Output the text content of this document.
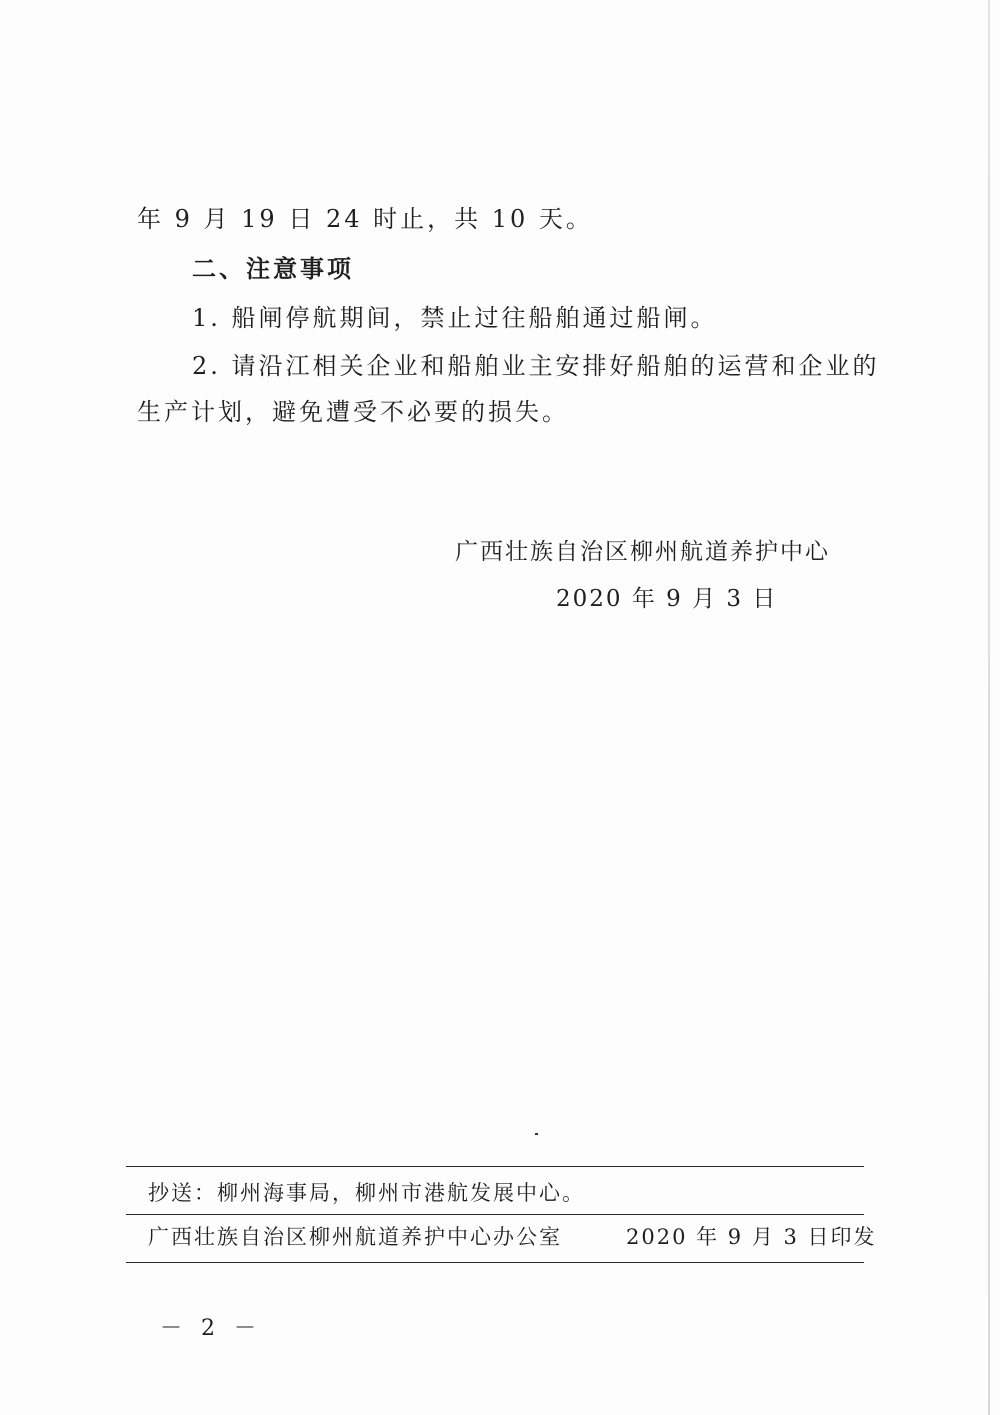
年 9 月 19 日 24 时止，共 10 天。
二、注意事项
1. 船闸停航期间，禁止过往船舶通过船闸。
2. 请沿江相关企业和船舶业主安排好船舶的运营和企业的
生产计划，避免遭受不必要的损失。
广西壮族自治区柳州航道养护中心
2020 年 9 月 3 日
抄送：柳州海事局，柳州市港航发展中心。
广西壮族自治区柳州航道养护中心办公室	2020 年 9 月 3 日印发
－ 2 －
